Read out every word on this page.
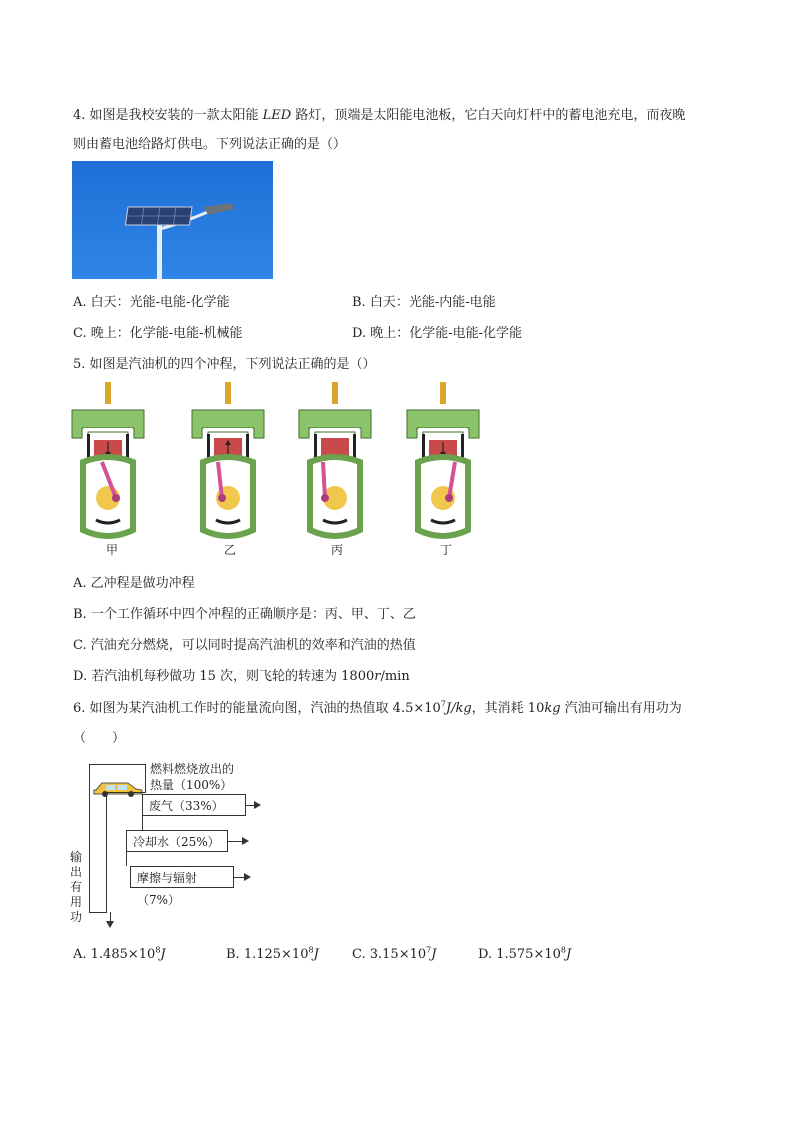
4. 如图是我校安装的一款太阳能 LED 路灯，顶端是太阳能电池板，它白天向灯杆中的蓄电池充电，而夜晚
则由蓄电池给路灯供电。下列说法正确的是（）
A. 白天：光能-电能-化学能	B. 白天：光能-内能-电能
C. 晚上：化学能-电能-机械能	D. 晚上：化学能-电能-化学能
5. 如图是汽油机的四个冲程，下列说法正确的是（）
甲	乙	丙	丁
A. 乙冲程是做功冲程
B. 一个工作循环中四个冲程的正确顺序是：丙、甲、丁、乙
C. 汽油充分燃烧，可以同时提高汽油机的效率和汽油的热值
D. 若汽油机每秒做功 15 次，则飞轮的转速为 1800r/min
6. 如图为某汽油机工作时的能量流向图，汽油的热值取 $4.5\times 10^7J/kg$，其消耗 10kg 汽油可输出有用功为
（　　）
燃料燃烧放出的
热量（100%）
废气（33%）
冷却水（25%）
摩擦与辐射（7%）
输
出
有
用
功
A. $1.485\times 10^8J$	B. $1.125\times 10^8J$	C. $3.15\times 10^7J$	D. $1.575\times 10^8J$
